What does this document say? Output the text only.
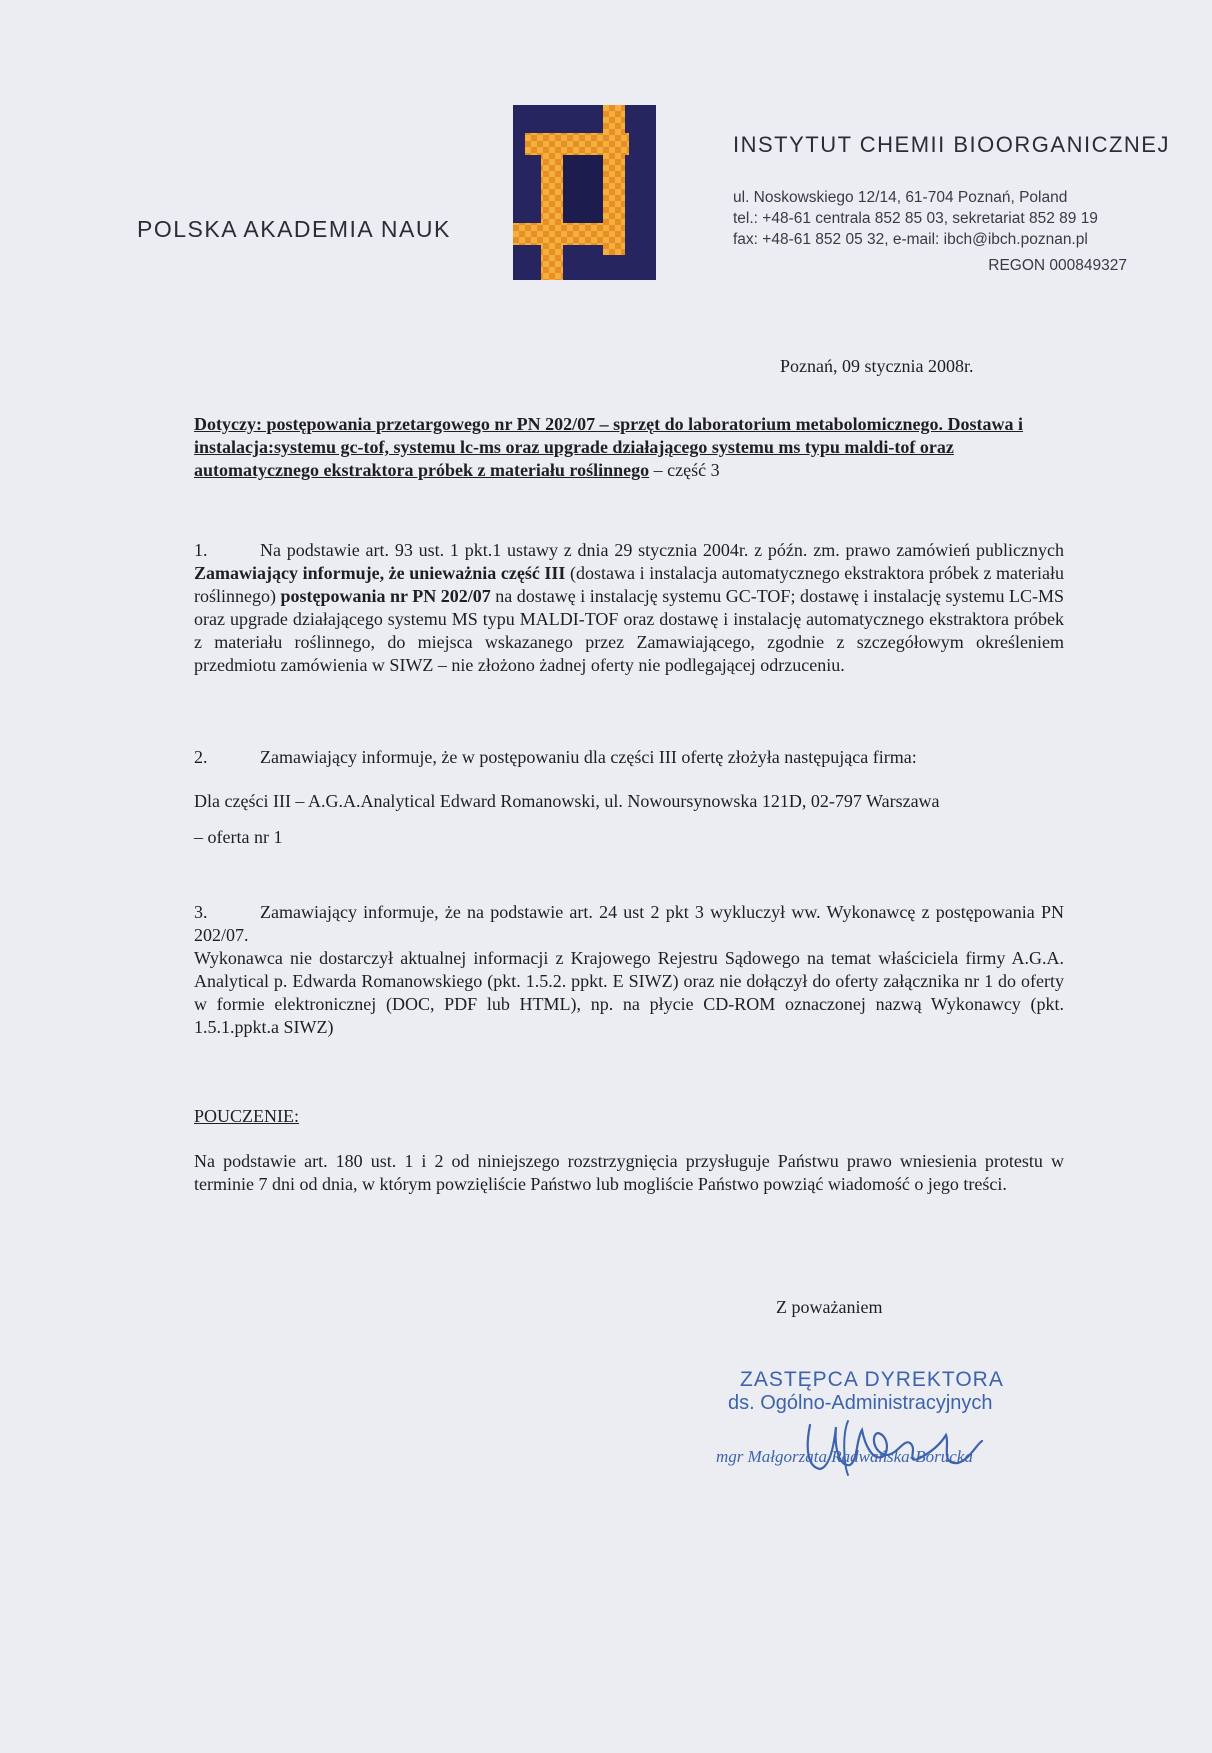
POLSKA AKADEMIA NAUK
INSTYTUT CHEMII BIOORGANICZNEJ
ul. Noskowskiego 12/14, 61-704 Poznań, Poland
tel.: +48-61 centrala 852 85 03, sekretariat 852 89 19
fax: +48-61 852 05 32, e-mail: ibch@ibch.poznan.pl
REGON 000849327
Poznań, 09 stycznia 2008r.
Dotyczy: postępowania przetargowego nr PN 202/07 – sprzęt do laboratorium metabolomicznego. Dostawa i instalacja:systemu gc-tof, systemu lc-ms oraz upgrade działającego systemu ms typu maldi-tof oraz automatycznego ekstraktora próbek z materiału roślinnego – część 3
1.	Na podstawie art. 93 ust. 1 pkt.1 ustawy z dnia 29 stycznia 2004r. z późn. zm. prawo zamówień publicznych Zamawiający informuje, że unieważnia część III (dostawa i instalacja automatycznego ekstraktora próbek z materiału roślinnego) postępowania nr PN 202/07 na dostawę i instalację systemu GC-TOF; dostawę i instalację systemu LC-MS oraz upgrade działającego systemu MS typu MALDI-TOF oraz dostawę i instalację automatycznego ekstraktora próbek z materiału roślinnego, do miejsca wskazanego przez Zamawiającego, zgodnie z szczegółowym określeniem przedmiotu zamówienia w SIWZ – nie złożono żadnej oferty nie podlegającej odrzuceniu.
2.	Zamawiający informuje, że w postępowaniu dla części III ofertę złożyła następująca firma:
Dla części III – A.G.A.Analytical Edward Romanowski, ul. Nowoursynowska 121D, 02-797 Warszawa
– oferta nr 1
3.	Zamawiający informuje, że na podstawie art. 24 ust 2 pkt 3 wykluczył ww. Wykonawcę z postępowania PN 202/07.
Wykonawca nie dostarczył aktualnej informacji z Krajowego Rejestru Sądowego na temat właściciela firmy A.G.A. Analytical p. Edwarda Romanowskiego (pkt. 1.5.2. ppkt. E SIWZ) oraz nie dołączył do oferty załącznika nr 1 do oferty w formie elektronicznej (DOC, PDF lub HTML), np. na płycie CD-ROM oznaczonej nazwą Wykonawcy (pkt. 1.5.1.ppkt.a SIWZ)
POUCZENIE:
Na podstawie art. 180 ust. 1 i 2 od niniejszego rozstrzygnięcia przysługuje Państwu prawo wniesienia protestu w terminie 7 dni od dnia, w którym powzięliście Państwo lub mogliście Państwo powziąć wiadomość o jego treści.
Z poważaniem
ZASTĘPCA DYREKTORA
ds. Ogólno-Administracyjnych
mgr Małgorzata Radwańska-Borucka
